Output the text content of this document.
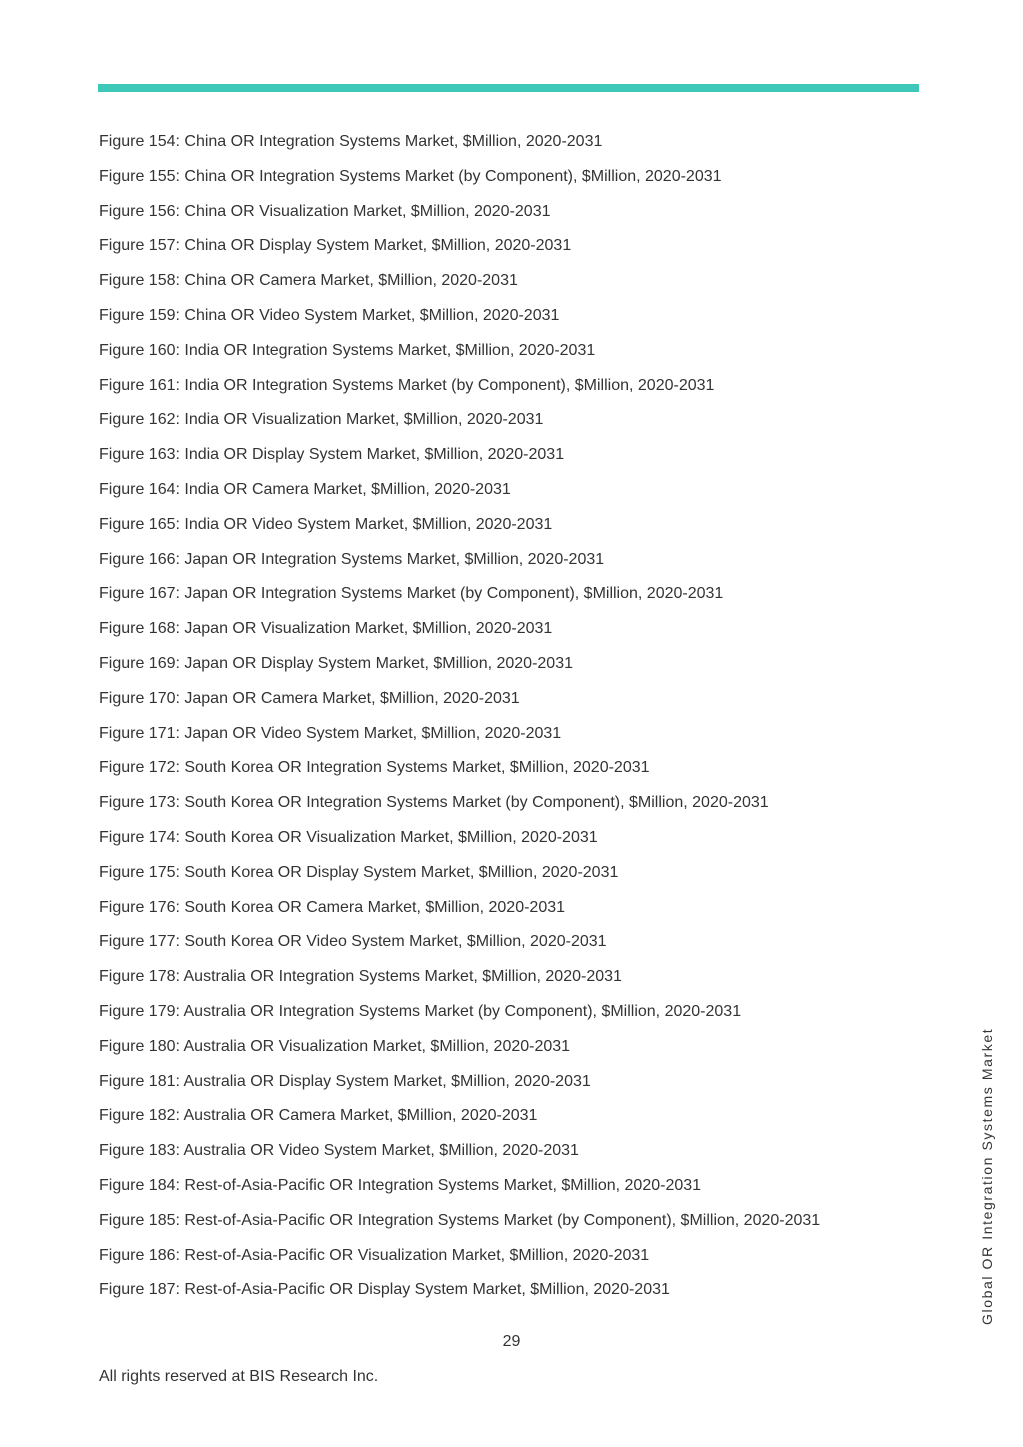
Figure 154: China OR Integration Systems Market, $Million, 2020-2031
Figure 155: China OR Integration Systems Market (by Component), $Million, 2020-2031
Figure 156: China OR Visualization Market, $Million, 2020-2031
Figure 157: China OR Display System Market, $Million, 2020-2031
Figure 158: China OR Camera Market, $Million, 2020-2031
Figure 159: China OR Video System Market, $Million, 2020-2031
Figure 160: India OR Integration Systems Market, $Million, 2020-2031
Figure 161: India OR Integration Systems Market (by Component), $Million, 2020-2031
Figure 162: India OR Visualization Market, $Million, 2020-2031
Figure 163: India OR Display System Market, $Million, 2020-2031
Figure 164: India OR Camera Market, $Million, 2020-2031
Figure 165: India OR Video System Market, $Million, 2020-2031
Figure 166: Japan OR Integration Systems Market, $Million, 2020-2031
Figure 167: Japan OR Integration Systems Market (by Component), $Million, 2020-2031
Figure 168: Japan OR Visualization Market, $Million, 2020-2031
Figure 169: Japan OR Display System Market, $Million, 2020-2031
Figure 170: Japan OR Camera Market, $Million, 2020-2031
Figure 171: Japan OR Video System Market, $Million, 2020-2031
Figure 172: South Korea OR Integration Systems Market, $Million, 2020-2031
Figure 173: South Korea OR Integration Systems Market (by Component), $Million, 2020-2031
Figure 174: South Korea OR Visualization Market, $Million, 2020-2031
Figure 175: South Korea OR Display System Market, $Million, 2020-2031
Figure 176: South Korea OR Camera Market, $Million, 2020-2031
Figure 177: South Korea OR Video System Market, $Million, 2020-2031
Figure 178: Australia OR Integration Systems Market, $Million, 2020-2031
Figure 179: Australia OR Integration Systems Market (by Component), $Million, 2020-2031
Figure 180: Australia OR Visualization Market, $Million, 2020-2031
Figure 181: Australia OR Display System Market, $Million, 2020-2031
Figure 182: Australia OR Camera Market, $Million, 2020-2031
Figure 183: Australia OR Video System Market, $Million, 2020-2031
Figure 184: Rest-of-Asia-Pacific OR Integration Systems Market, $Million, 2020-2031
Figure 185: Rest-of-Asia-Pacific OR Integration Systems Market (by Component), $Million, 2020-2031
Figure 186: Rest-of-Asia-Pacific OR Visualization Market, $Million, 2020-2031
Figure 187: Rest-of-Asia-Pacific OR Display System Market, $Million, 2020-2031
29
All rights reserved at BIS Research Inc.
Global OR Integration Systems Market
